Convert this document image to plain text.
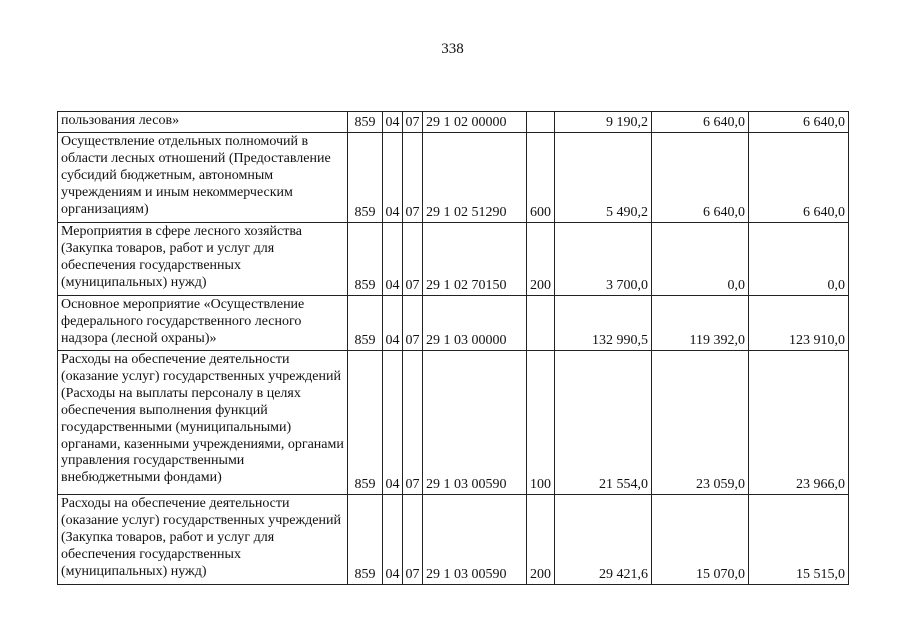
338
пользования лесов»	859	04	07	29 1 02 00000		9 190,2	6 640,0	6 640,0
Осуществление отдельных полномочий в области лесных отношений (Предоставление субсидий бюджетным, автономным учреждениям и иным некоммерческим организациям)	859	04	07	29 1 02 51290	600	5 490,2	6 640,0	6 640,0
Мероприятия в сфере лесного хозяйства (Закупка товаров, работ и услуг для обеспечения государственных (муниципальных) нужд)	859	04	07	29 1 02 70150	200	3 700,0	0,0	0,0
Основное мероприятие «Осуществление федерального государственного лесного надзора (лесной охраны)»	859	04	07	29 1 03 00000		132 990,5	119 392,0	123 910,0
Расходы на обеспечение деятельности (оказание услуг) государственных учреждений (Расходы на выплаты персоналу в целях обеспечения выполнения функций государственными (муниципальными) органами, казенными учреждениями, органами управления государственными внебюджетными фондами)	859	04	07	29 1 03 00590	100	21 554,0	23 059,0	23 966,0
Расходы на обеспечение деятельности (оказание услуг) государственных учреждений (Закупка товаров, работ и услуг для обеспечения государственных (муниципальных) нужд)	859	04	07	29 1 03 00590	200	29 421,6	15 070,0	15 515,0
